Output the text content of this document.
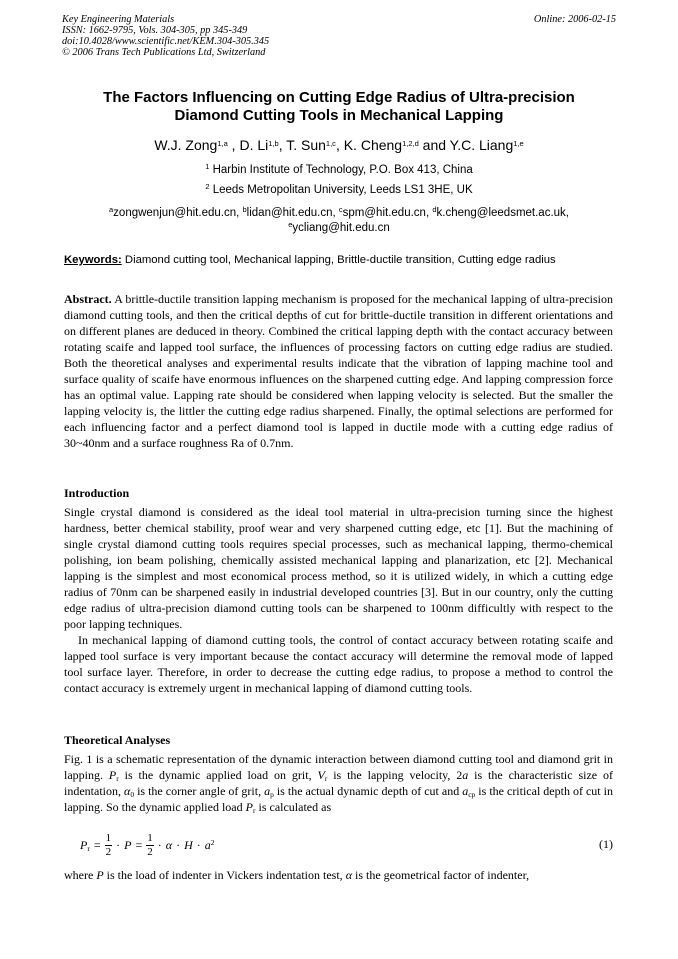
Key Engineering Materials
ISSN: 1662-9795, Vols. 304-305, pp 345-349
doi:10.4028/www.scientific.net/KEM.304-305.345
© 2006 Trans Tech Publications Ltd, Switzerland
Online: 2006-02-15
The Factors Influencing on Cutting Edge Radius of Ultra-precision
Diamond Cutting Tools in Mechanical Lapping
W.J. Zong$^{1,a}$ , D. Li$^{1,b}$, T. Sun$^{1,c}$, K. Cheng$^{1,2,d}$ and Y.C. Liang$^{1,e}$
$^1$ Harbin Institute of Technology, P.O. Box 413, China
$^2$ Leeds Metropolitan University, Leeds LS1 3HE, UK
$^a$zongwenjun@hit.edu.cn, $^b$lidan@hit.edu.cn, $^c$spm@hit.edu.cn, $^d$k.cheng@leedsmet.ac.uk,
$^e$ycliang@hit.edu.cn
Keywords: Diamond cutting tool, Mechanical lapping, Brittle-ductile transition, Cutting edge radius

Abstract. A brittle-ductile transition lapping mechanism is proposed for the mechanical lapping of ultra-precision diamond cutting tools, and then the critical depths of cut for brittle-ductile transition in different orientations and on different planes are deduced in theory. Combined the critical lapping depth with the contact accuracy between rotating scaife and lapped tool surface, the influences of processing factors on cutting edge radius are studied. Both the theoretical analyses and experimental results indicate that the vibration of lapping machine tool and surface quality of scaife have enormous influences on the sharpened cutting edge. And lapping compression force has an optimal value. Lapping rate should be considered when lapping velocity is selected. But the smaller the lapping velocity is, the littler the cutting edge radius sharpened. Finally, the optimal selections are performed for each influencing factor and a perfect diamond tool is lapped in ductile mode with a cutting edge radius of 30~40nm and a surface roughness Ra of 0.7nm.

Introduction

Single crystal diamond is considered as the ideal tool material in ultra-precision turning since the highest hardness, better chemical stability, proof wear and very sharpened cutting edge, etc [1]. But the machining of single crystal diamond cutting tools requires special processes, such as mechanical lapping, thermo-chemical polishing, ion beam polishing, chemically assisted mechanical lapping and planarization, etc [2]. Mechanical lapping is the simplest and most economical process method, so it is utilized widely, in which a cutting edge radius of 70nm can be sharpened easily in industrial developed countries [3]. But in our country, only the cutting edge radius of ultra-precision diamond cutting tools can be sharpened to 100nm difficultly with respect to the poor lapping techniques.

In mechanical lapping of diamond cutting tools, the control of contact accuracy between rotating scaife and lapped tool surface is very important because the contact accuracy will determine the removal mode of lapped tool surface layer. Therefore, in order to decrease the cutting edge radius, to propose a method to control the contact accuracy is extremely urgent in mechanical lapping of diamond cutting tools.

Theoretical Analyses

Fig. 1 is a schematic representation of the dynamic interaction between diamond cutting tool and diamond grit in lapping. $P_r$ is the dynamic applied load on grit, $V_r$ is the lapping velocity, 2a is the characteristic size of indentation, $\alpha_0$ is the corner angle of grit, $a_p$ is the actual dynamic depth of cut and $a_{cp}$ is the critical depth of cut in lapping. So the dynamic applied load $P_r$ is calculated as

$P_r = \frac{1}{2} \cdot P = \frac{1}{2} \cdot \alpha \cdot H \cdot a^2$	(1)

where P is the load of indenter in Vickers indentation test, α is the geometrical factor of indenter,
